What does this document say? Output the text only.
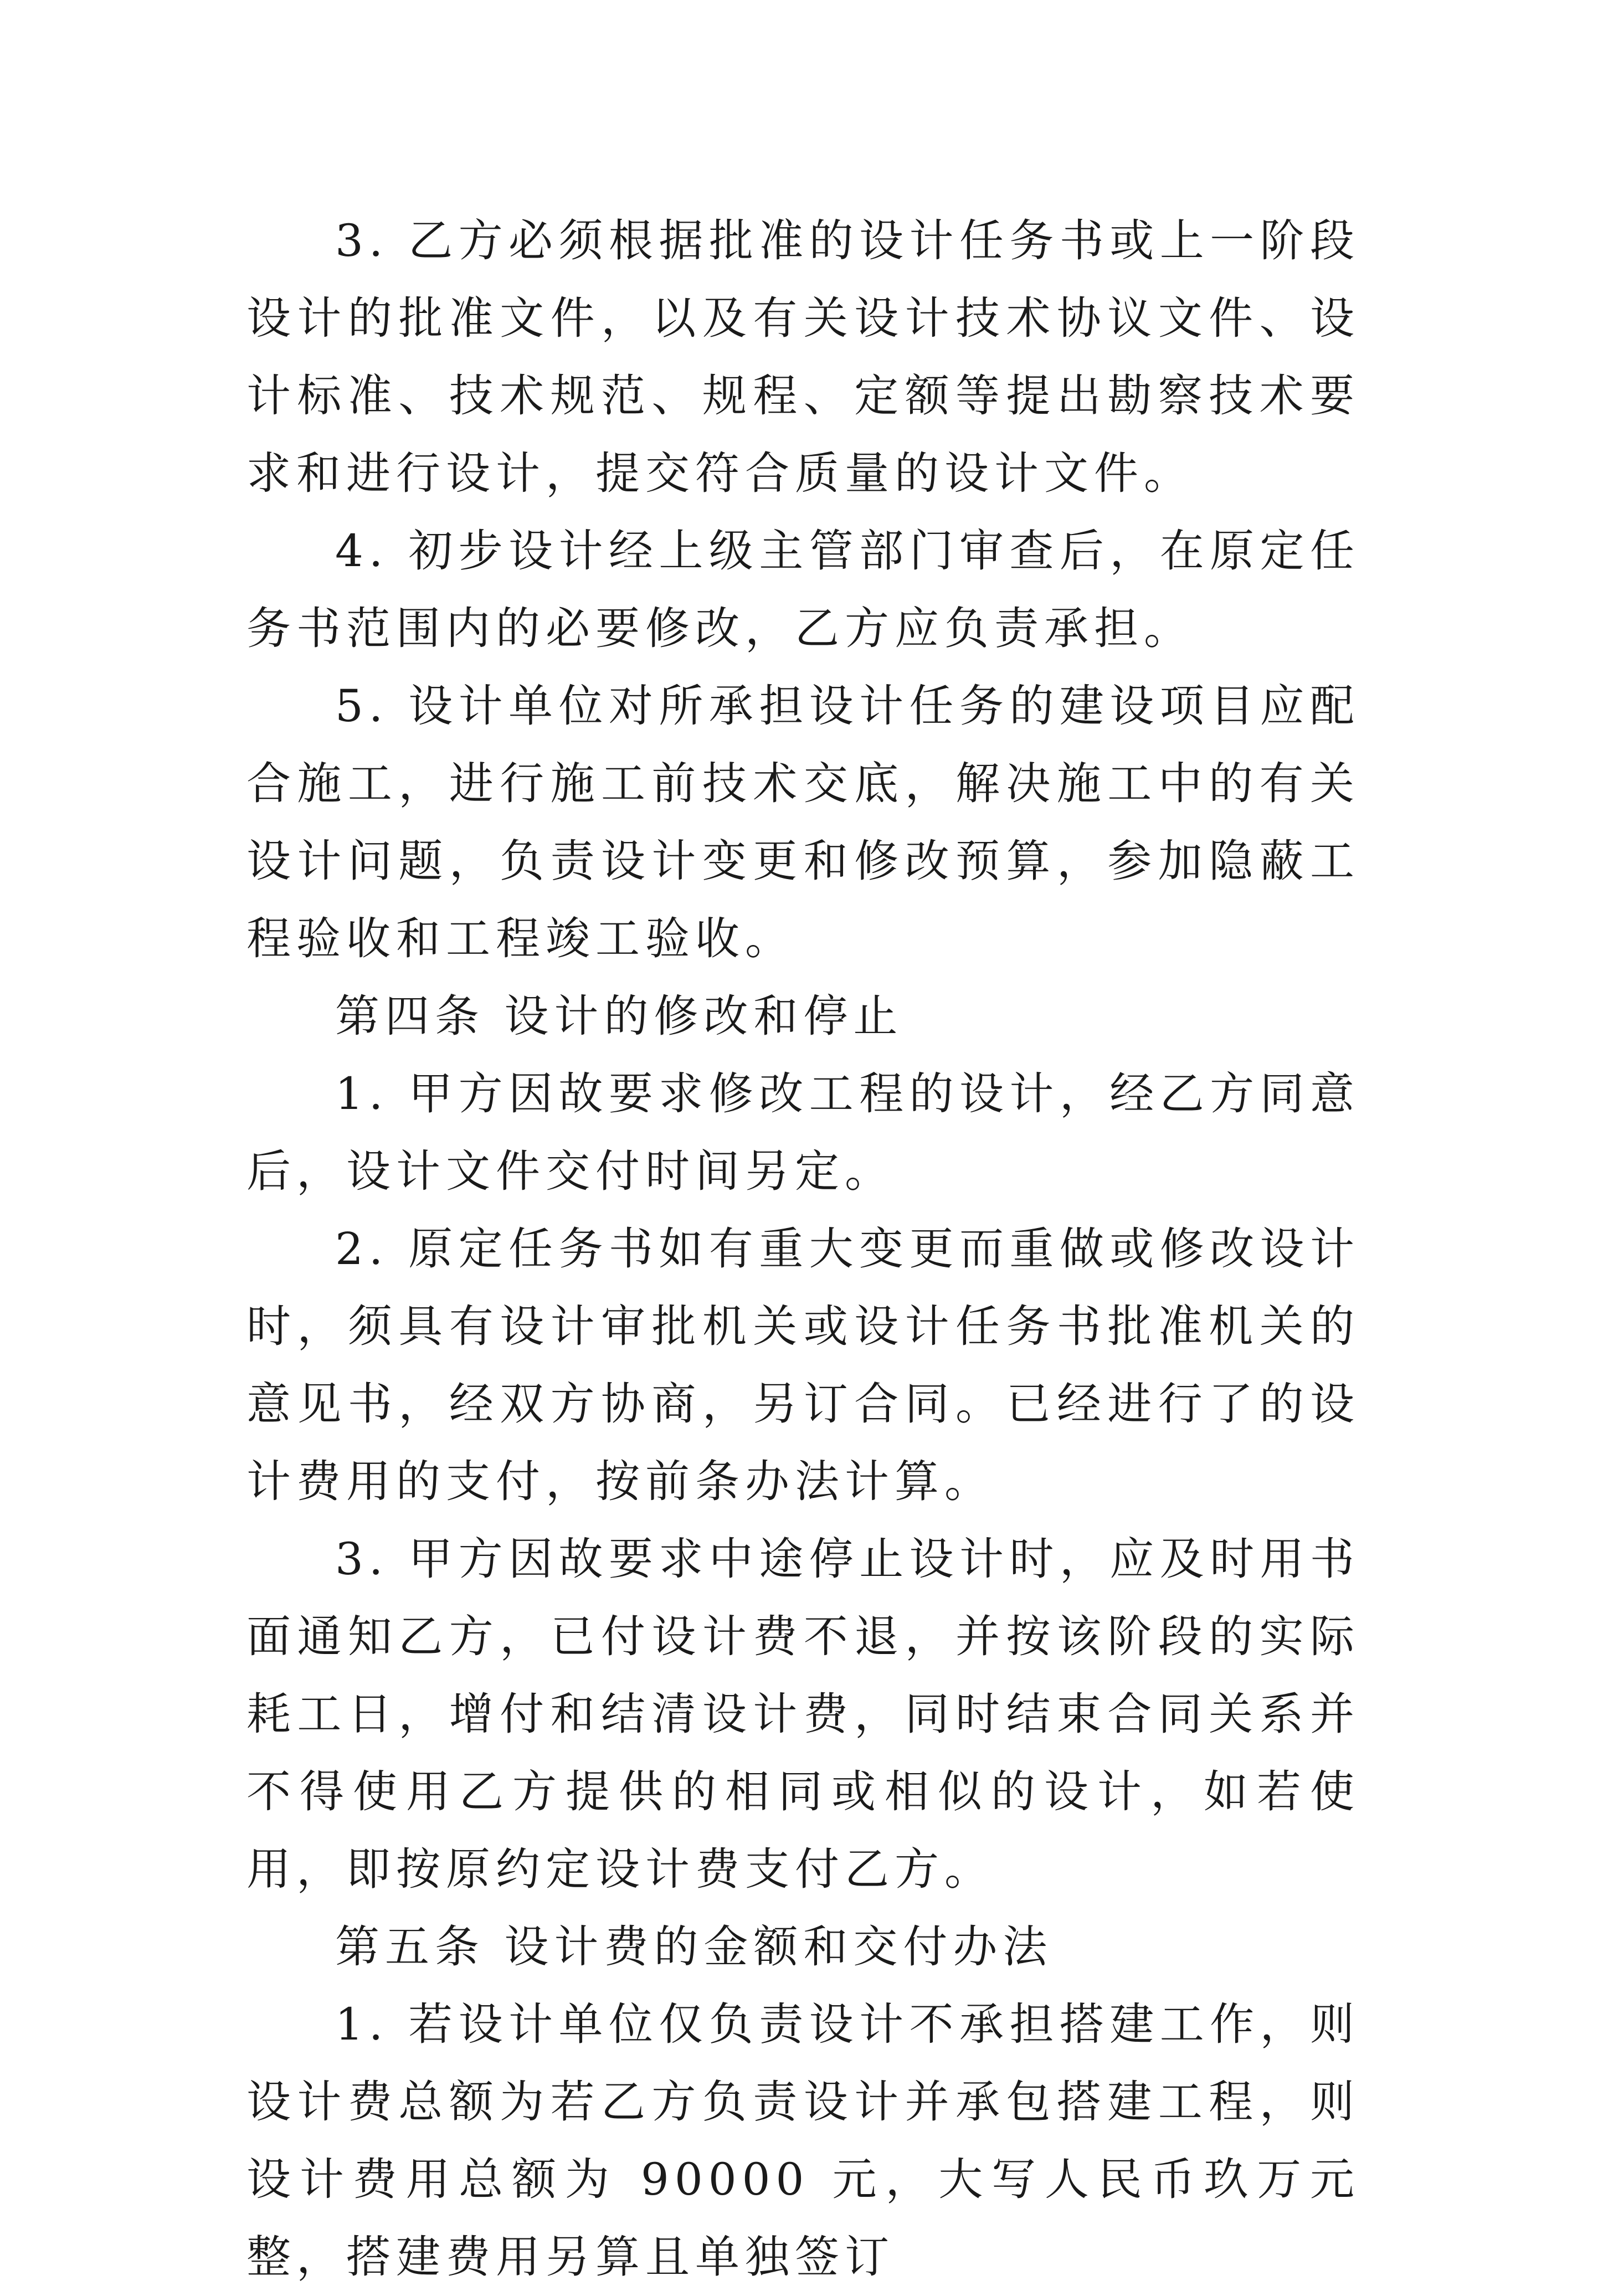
3. 乙方必须根据批准的设计任务书或上一阶段设计的批准文件，以及有关设计技术协议文件、设计标准、技术规范、规程、定额等提出勘察技术要求和进行设计，提交符合质量的设计文件。

4. 初步设计经上级主管部门审查后，在原定任务书范围内的必要修改，乙方应负责承担。

5. 设计单位对所承担设计任务的建设项目应配合施工，进行施工前技术交底，解决施工中的有关设计问题，负责设计变更和修改预算，参加隐蔽工程验收和工程竣工验收。

第四条 设计的修改和停止

1. 甲方因故要求修改工程的设计，经乙方同意后，设计文件交付时间另定。

2. 原定任务书如有重大变更而重做或修改设计时，须具有设计审批机关或设计任务书批准机关的意见书，经双方协商，另订合同。已经进行了的设计费用的支付，按前条办法计算。

3. 甲方因故要求中途停止设计时，应及时用书面通知乙方，已付设计费不退，并按该阶段的实际耗工日，增付和结清设计费，同时结束合同关系并不得使用乙方提供的相同或相似的设计，如若使用，即按原约定设计费支付乙方。

第五条 设计费的金额和交付办法

1. 若设计单位仅负责设计不承担搭建工作，则设计费总额为若乙方负责设计并承包搭建工程，则设计费用总额为 90000 元，大写人民币玖万元整，搭建费用另算且单独签订
